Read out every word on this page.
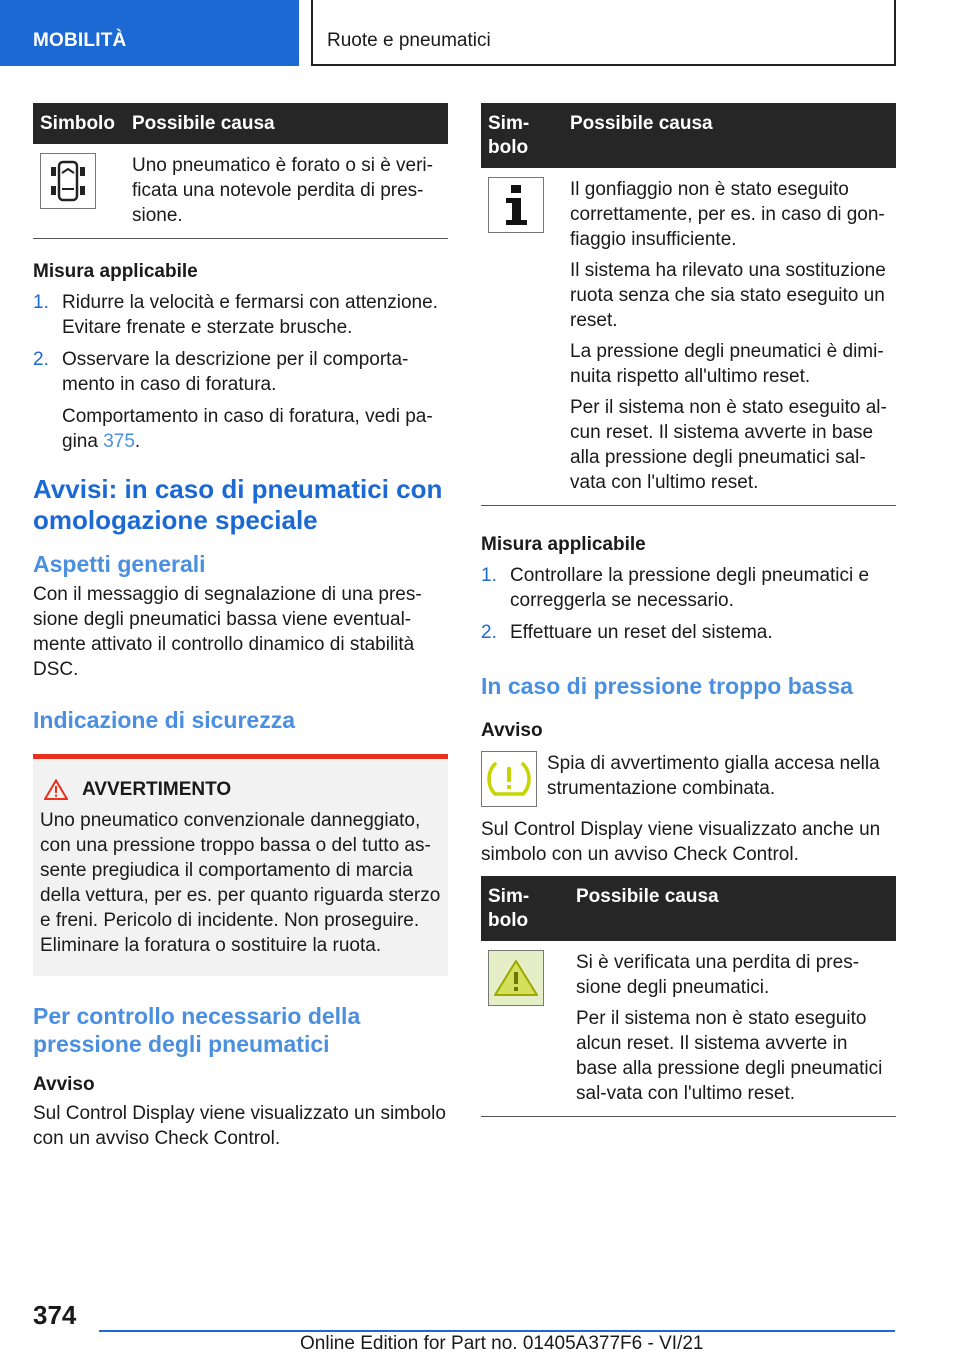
MOBILITÀ	Ruote e pneumatici
Simbolo	Possibile causa

Uno pneumatico è forato o si è veri-ficata una notevole perdita di pres-sione.

Misura applicabile
1. Ridurre la velocità e fermarsi con attenzione. Evitare frenate e sterzate brusche.

2. Osservare la descrizione per il comporta-mento in caso di foratura.

Comportamento in caso di foratura, vedi pa-gina 375.

Avvisi: in caso di pneumatici con omologazione speciale
Aspetti generali
Con il messaggio di segnalazione di una pres-sione degli pneumatici bassa viene eventual-mente attivato il controllo dinamico di stabilità DSC.
Indicazione di sicurezza
AVVERTIMENTO
Uno pneumatico convenzionale danneggiato, con una pressione troppo bassa o del tutto as-sente pregiudica il comportamento di marcia della vettura, per es. per quanto riguarda sterzo e freni. Pericolo di incidente. Non proseguire. Eliminare la foratura o sostituire la ruota.
Per controllo necessario della pressione degli pneumatici
Avviso
Sul Control Display viene visualizzato un simbolo con un avviso Check Control.
Sim-bolo	Possibile causa

Il gonfiaggio non è stato eseguito correttamente, per es. in caso di gon-fiaggio insufficiente.

Il sistema ha rilevato una sostituzione ruota senza che sia stato eseguito un reset.

La pressione degli pneumatici è dimi-nuita rispetto all'ultimo reset.

Per il sistema non è stato eseguito al-cun reset. Il sistema avverte in base alla pressione degli pneumatici sal-vata con l'ultimo reset.

Misura applicabile
1. Controllare la pressione degli pneumatici e correggerla se necessario.

2. Effettuare un reset del sistema.

In caso di pressione troppo bassa
Avviso
Spia di avvertimento gialla accesa nella strumentazione combinata.
Sul Control Display viene visualizzato anche un simbolo con un avviso Check Control.
Sim-bolo	Possibile causa

Si è verificata una perdita di pres-sione degli pneumatici.

Per il sistema non è stato eseguito alcun reset. Il sistema avverte in base alla pressione degli pneumatici sal-vata con l'ultimo reset.

374
Online Edition for Part no. 01405A377F6 - VI/21
